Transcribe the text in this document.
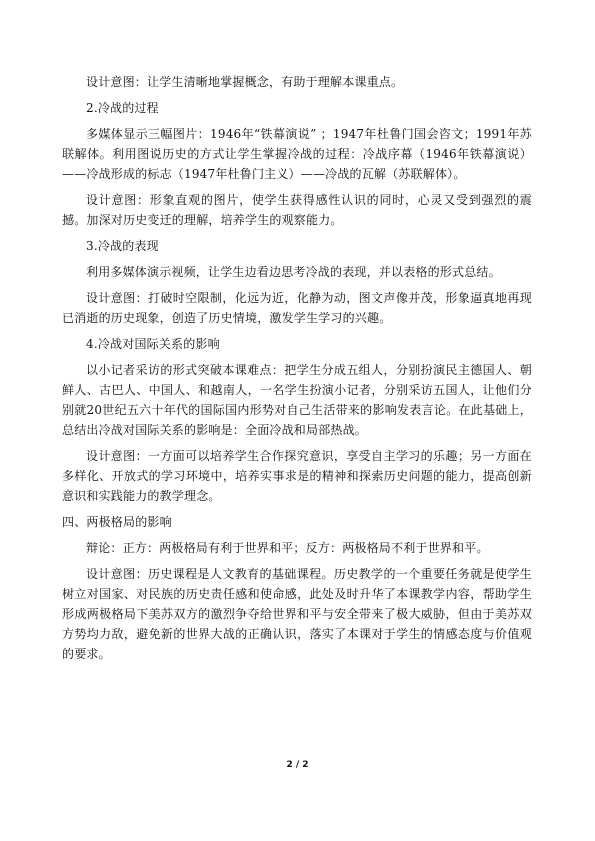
设计意图：让学生清晰地掌握概念，有助于理解本课重点。

2.冷战的过程

多媒体显示三幅图片：1946年“铁幕演说” ；1947年杜鲁门国会咨文；1991年苏联解体。利用图说历史的方式让学生掌握冷战的过程：冷战序幕（1946年铁幕演说）——冷战形成的标志（1947年杜鲁门主义）——冷战的瓦解（苏联解体）。

设计意图：形象直观的图片，使学生获得感性认识的同时，心灵又受到强烈的震撼。加深对历史变迁的理解，培养学生的观察能力。

3.冷战的表现

利用多媒体演示视频，让学生边看边思考冷战的表现，并以表格的形式总结。

设计意图：打破时空限制，化远为近，化静为动，图文声像并茂，形象逼真地再现已消逝的历史现象，创造了历史情境，激发学生学习的兴趣。

4.冷战对国际关系的影响

以小记者采访的形式突破本课难点：把学生分成五组人，分别扮演民主德国人、朝鲜人、古巴人、中国人、和越南人，一名学生扮演小记者，分别采访五国人，让他们分别就20世纪五六十年代的国际国内形势对自己生活带来的影响发表言论。在此基础上，总结出冷战对国际关系的影响是：全面冷战和局部热战。

设计意图：一方面可以培养学生合作探究意识，享受自主学习的乐趣；另一方面在多样化、开放式的学习环境中，培养实事求是的精神和探索历史问题的能力，提高创新意识和实践能力的教学理念。

四、两极格局的影响

辩论：正方：两极格局有利于世界和平；反方：两极格局不利于世界和平。

设计意图：历史课程是人文教育的基础课程。历史教学的一个重要任务就是使学生树立对国家、对民族的历史责任感和使命感，此处及时升华了本课教学内容，帮助学生形成两极格局下美苏双方的激烈争夺给世界和平与安全带来了极大威胁，但由于美苏双方势均力敌，避免新的世界大战的正确认识，落实了本课对于学生的情感态度与价值观的要求。

2 / 2
